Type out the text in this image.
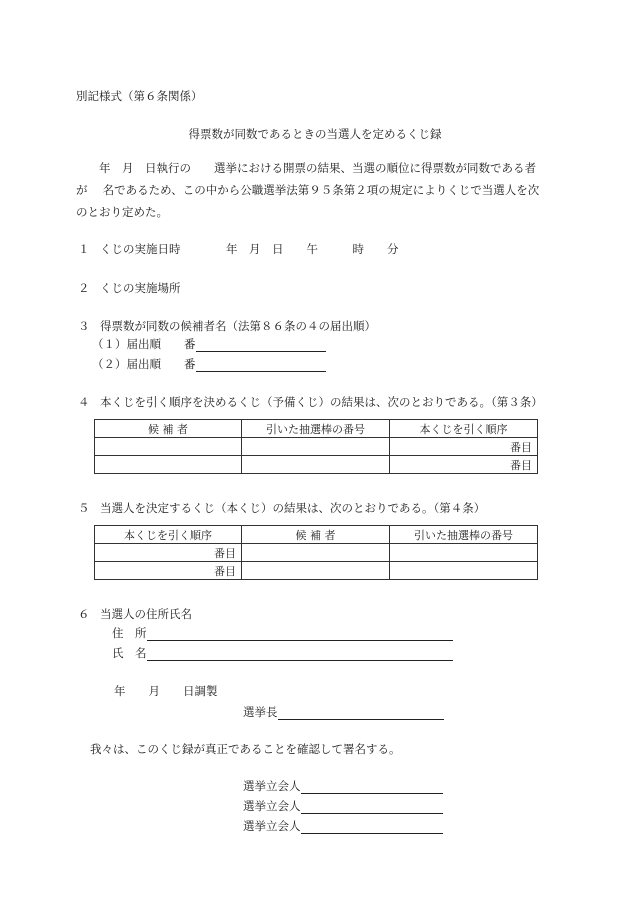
別記様式（第６条関係）
得票数が同数であるときの当選人を定めるくじ録
年　月　日執行の　　選挙における開票の結果、当選の順位に得票数が同数である者
が　 名であるため、この中から公職選挙法第９５条第２項の規定によりくじで当選人を次
のとおり定めた。
１ くじの実施日時	年　月　日　　午　　　時　　分
２ くじの実施場所
３ 得票数が同数の候補者名（法第８６条の４の届出順）
（１）届出順　　番
（２）届出順　　番
４ 本くじを引く順序を決めるくじ（予備くじ）の結果は、次のとおりである。（第３条）
候 補 者	引いた抽選棒の番号	本くじを引く順序
		番目
		番目
５ 当選人を決定するくじ（本くじ）の結果は、次のとおりである。（第４条）
本くじを引く順序	候 補 者	引いた抽選棒の番号
番目		
番目		
６ 当選人の住所氏名
住　所
氏　名
年　　月　　日調製
選挙長
我々は、このくじ録が真正であることを確認して署名する。
選挙立会人
選挙立会人
選挙立会人
